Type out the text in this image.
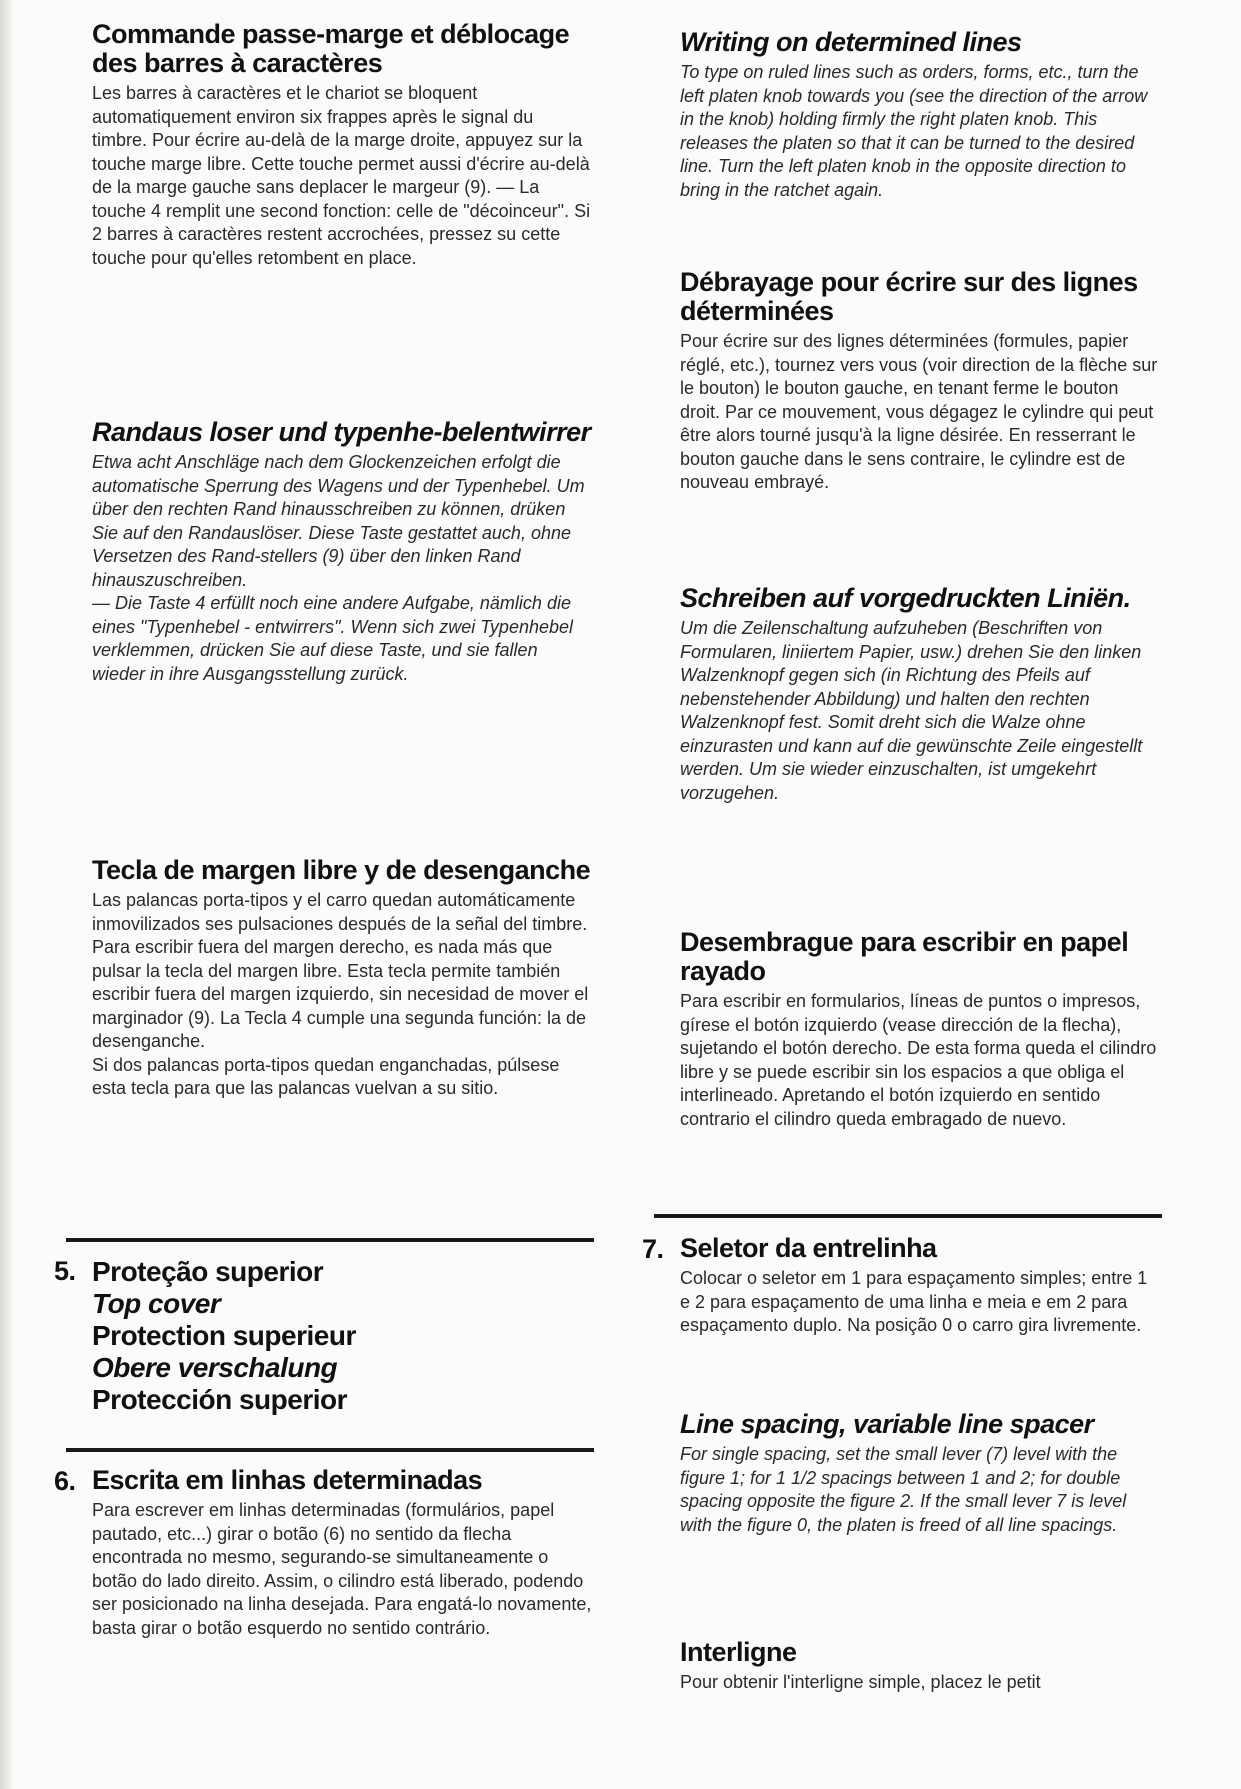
Commande passe-marge et déblocage des barres à caractères

Les barres à caractères et le chariot se bloquent automatiquement environ six frappes après le signal du timbre. Pour écrire au-delà de la marge droite, appuyez sur la touche marge libre. Cette touche permet aussi d'écrire au-delà de la marge gauche sans deplacer le margeur (9). — La touche 4 remplit une second fonction: celle de "décoinceur". Si 2 barres à caractères restent accrochées, pressez su cette touche pour qu'elles retombent en place.

Randaus loser und typenhe-belentwirrer

Etwa acht Anschläge nach dem Glockenzeichen erfolgt die automatische Sperrung des Wagens und der Typenhebel. Um über den rechten Rand hinausschreiben zu können, drüken Sie auf den Randauslöser. Diese Taste gestattet auch, ohne Versetzen des Rand-stellers (9) über den linken Rand hinauszuschreiben.

— Die Taste 4 erfüllt noch eine andere Aufgabe, nämlich die eines "Typenhebel - entwirrers". Wenn sich zwei Typenhebel verklemmen, drücken Sie auf diese Taste, und sie fallen wieder in ihre Ausgangsstellung zurück.

Tecla de margen libre y de desenganche

Las palancas porta-tipos y el carro quedan automáticamente inmovilizados ses pulsaciones después de la señal del timbre. Para escribir fuera del margen derecho, es nada más que pulsar la tecla del margen libre. Esta tecla permite también escribir fuera del margen izquierdo, sin necesidad de mover el marginador (9). La Tecla 4 cumple una segunda función: la de desenganche.

Si dos palancas porta-tipos quedan enganchadas, púlsese esta tecla para que las palancas vuelvan a su sitio.

5. Proteção superior
Top cover
Protection superieur
Obere verschalung
Protección superior
6. Escrita em linhas determinadas

Para escrever em linhas determinadas (formulários, papel pautado, etc...) girar o botão (6) no sentido da flecha encontrada no mesmo, segurando-se simultaneamente o botão do lado direito. Assim, o cilindro está liberado, podendo ser posicionado na linha desejada. Para engatá-lo novamente, basta girar o botão esquerdo no sentido contrário.

Writing on determined lines

To type on ruled lines such as orders, forms, etc., turn the left platen knob towards you (see the direction of the arrow in the knob) holding firmly the right platen knob. This releases the platen so that it can be turned to the desired line. Turn the left platen knob in the opposite direction to bring in the ratchet again.

Débrayage pour écrire sur des lignes déterminées

Pour écrire sur des lignes déterminées (formules, papier réglé, etc.), tournez vers vous (voir direction de la flèche sur le bouton) le bouton gauche, en tenant ferme le bouton droit. Par ce mouvement, vous dégagez le cylindre qui peut être alors tourné jusqu'à la ligne désirée. En resserrant le bouton gauche dans le sens contraire, le cylindre est de nouveau embrayé.

Schreiben auf vorgedruckten Liniën.

Um die Zeilenschaltung aufzuheben (Beschriften von Formularen, liniiertem Papier, usw.) drehen Sie den linken Walzenknopf gegen sich (in Richtung des Pfeils auf nebenstehender Abbildung) und halten den rechten Walzenknopf fest. Somit dreht sich die Walze ohne einzurasten und kann auf die gewünschte Zeile eingestellt werden. Um sie wieder einzuschalten, ist umgekehrt vorzugehen.

Desembrague para escribir en papel rayado

Para escribir en formularios, líneas de puntos o impresos, gírese el botón izquierdo (vease dirección de la flecha), sujetando el botón derecho. De esta forma queda el cilindro libre y se puede escribir sin los espacios a que obliga el interlineado. Apretando el botón izquierdo en sentido contrario el cilindro queda embragado de nuevo.

7. Seletor da entrelinha

Colocar o seletor em 1 para espaçamento simples; entre 1 e 2 para espaçamento de uma linha e meia e em 2 para espaçamento duplo. Na posição 0 o carro gira livremente.

Line spacing, variable line spacer

For single spacing, set the small lever (7) level with the figure 1; for 1 1/2 spacings between 1 and 2; for double spacing opposite the figure 2. If the small lever 7 is level with the figure 0, the platen is freed of all line spacings.

Interligne

Pour obtenir l'interligne simple, placez le petit
